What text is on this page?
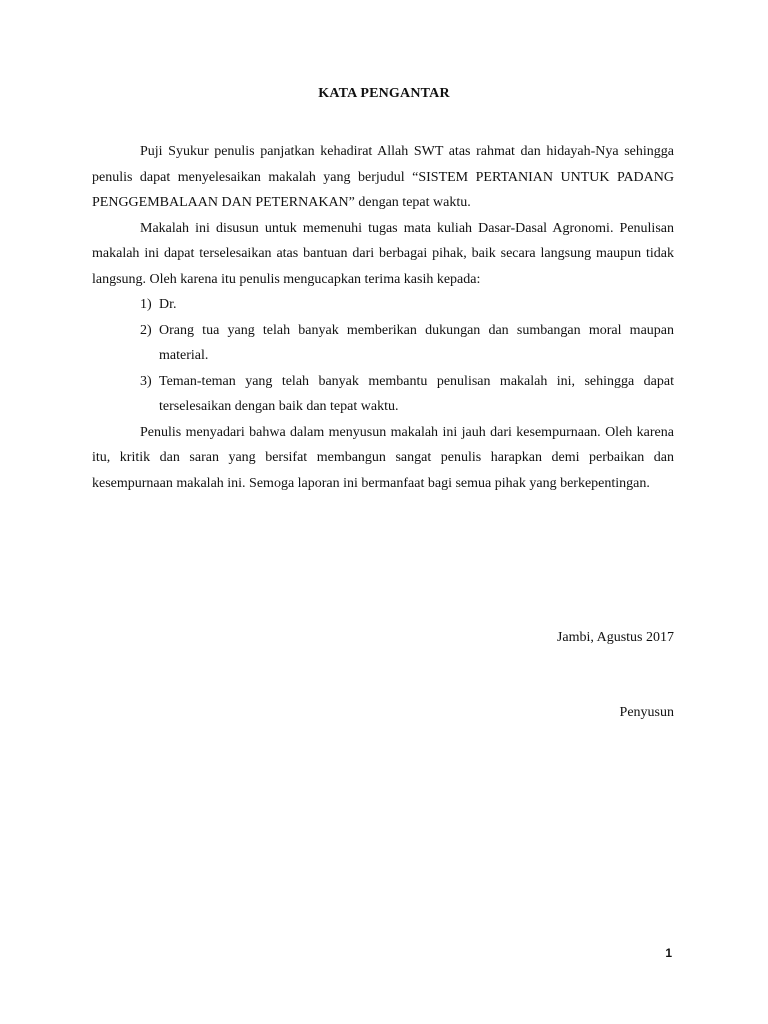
KATA PENGANTAR

Puji Syukur penulis panjatkan kehadirat Allah SWT atas rahmat dan hidayah-Nya sehingga penulis dapat menyelesaikan makalah yang berjudul “SISTEM PERTANIAN UNTUK PADANG PENGGEMBALAAN DAN PETERNAKAN” dengan tepat waktu.

Makalah ini disusun untuk memenuhi tugas mata kuliah Dasar-Dasal Agronomi. Penulisan makalah ini dapat terselesaikan atas bantuan dari berbagai pihak, baik secara langsung maupun tidak langsung. Oleh karena itu penulis mengucapkan terima kasih kepada:

1) Dr.
2) Orang tua yang telah banyak memberikan dukungan dan sumbangan moral maupan material.
3) Teman-teman yang telah banyak membantu penulisan makalah ini, sehingga dapat terselesaikan dengan baik dan tepat waktu.

Penulis menyadari bahwa dalam menyusun makalah ini jauh dari kesempurnaan. Oleh karena itu, kritik dan saran yang bersifat membangun sangat penulis harapkan demi perbaikan dan kesempurnaan makalah ini. Semoga laporan ini bermanfaat bagi semua pihak yang berkepentingan.

Jambi, Agustus 2017
Penyusun
1
